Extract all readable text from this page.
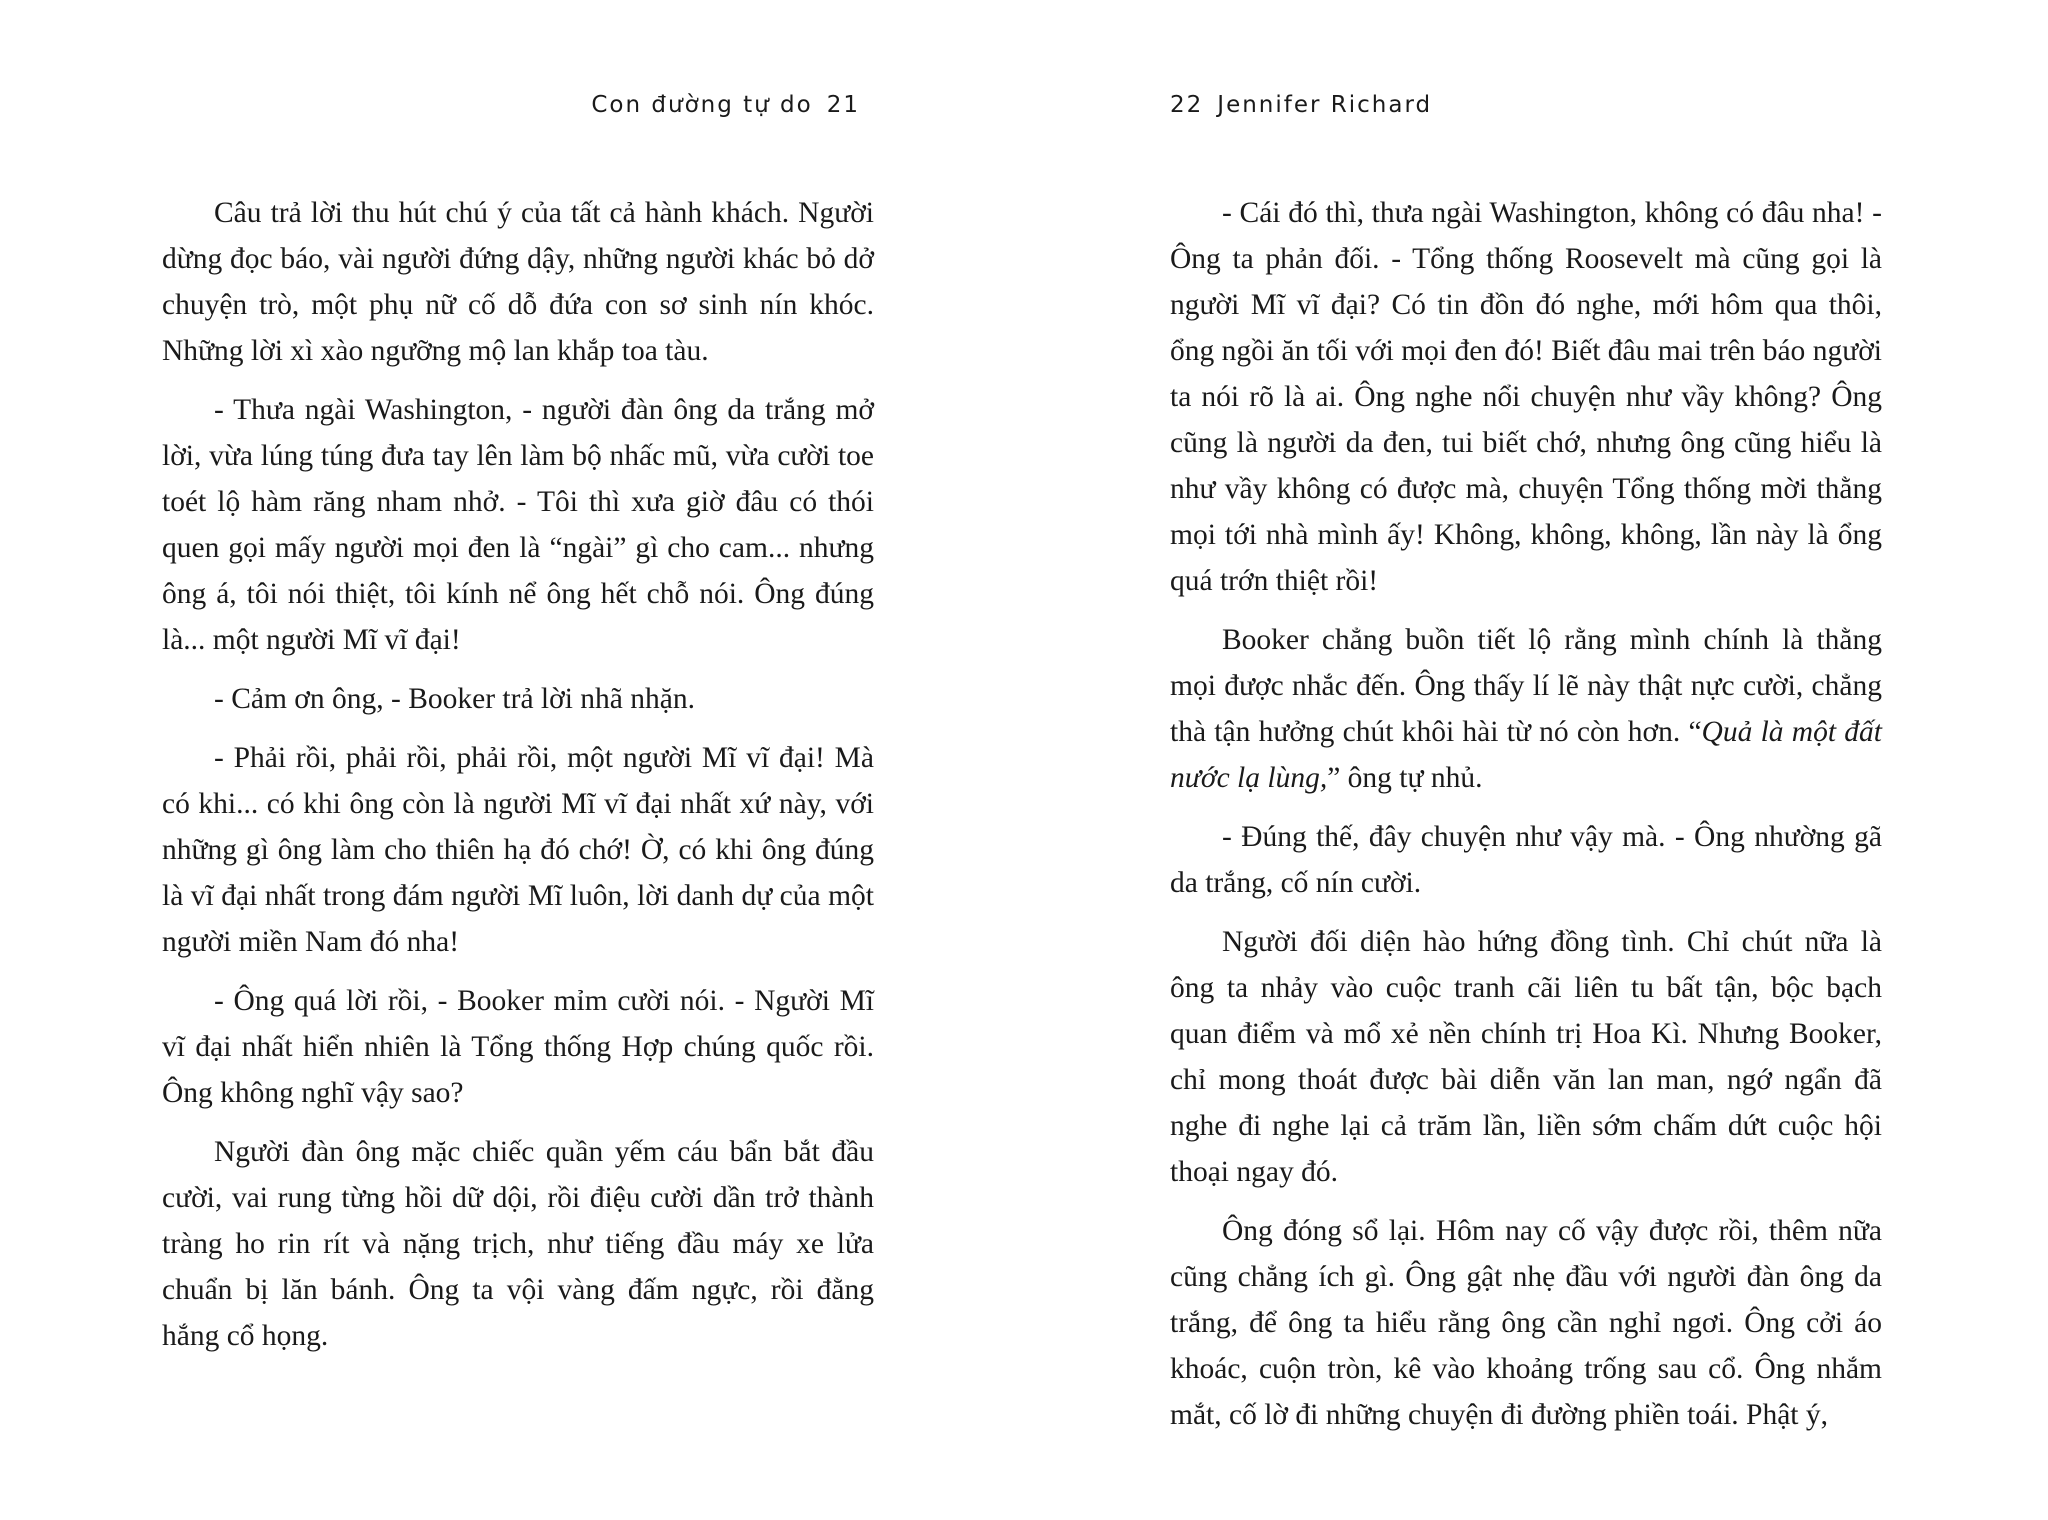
Con đường tự do 21

Câu trả lời thu hút chú ý của tất cả hành khách. Người dừng đọc báo, vài người đứng dậy, những người khác bỏ dở chuyện trò, một phụ nữ cố dỗ đứa con sơ sinh nín khóc. Những lời xì xào ngưỡng mộ lan khắp toa tàu.

- Thưa ngài Washington, - người đàn ông da trắng mở lời, vừa lúng túng đưa tay lên làm bộ nhấc mũ, vừa cười toe toét lộ hàm răng nham nhở. - Tôi thì xưa giờ đâu có thói quen gọi mấy người mọi đen là “ngài” gì cho cam... nhưng ông á, tôi nói thiệt, tôi kính nể ông hết chỗ nói. Ông đúng là... một người Mĩ vĩ đại!

- Cảm ơn ông, - Booker trả lời nhã nhặn.

- Phải rồi, phải rồi, phải rồi, một người Mĩ vĩ đại! Mà có khi... có khi ông còn là người Mĩ vĩ đại nhất xứ này, với những gì ông làm cho thiên hạ đó chớ! Ờ, có khi ông đúng là vĩ đại nhất trong đám người Mĩ luôn, lời danh dự của một người miền Nam đó nha!

- Ông quá lời rồi, - Booker mỉm cười nói. - Người Mĩ vĩ đại nhất hiển nhiên là Tổng thống Hợp chúng quốc rồi. Ông không nghĩ vậy sao?

Người đàn ông mặc chiếc quần yếm cáu bẩn bắt đầu cười, vai rung từng hồi dữ dội, rồi điệu cười dần trở thành tràng ho rin rít và nặng trịch, như tiếng đầu máy xe lửa chuẩn bị lăn bánh. Ông ta vội vàng đấm ngực, rồi đằng hắng cổ họng.

22 Jennifer Richard

- Cái đó thì, thưa ngài Washington, không có đâu nha! - Ông ta phản đối. - Tổng thống Roosevelt mà cũng gọi là người Mĩ vĩ đại? Có tin đồn đó nghe, mới hôm qua thôi, ổng ngồi ăn tối với mọi đen đó! Biết đâu mai trên báo người ta nói rõ là ai. Ông nghe nổi chuyện như vầy không? Ông cũng là người da đen, tui biết chớ, nhưng ông cũng hiểu là như vầy không có được mà, chuyện Tổng thống mời thằng mọi tới nhà mình ấy! Không, không, không, lần này là ổng quá trớn thiệt rồi!

Booker chẳng buồn tiết lộ rằng mình chính là thằng mọi được nhắc đến. Ông thấy lí lẽ này thật nực cười, chẳng thà tận hưởng chút khôi hài từ nó còn hơn. “Quả là một đất nước lạ lùng,” ông tự nhủ.

- Đúng thế, đây chuyện như vậy mà. - Ông nhường gã da trắng, cố nín cười.

Người đối diện hào hứng đồng tình. Chỉ chút nữa là ông ta nhảy vào cuộc tranh cãi liên tu bất tận, bộc bạch quan điểm và mổ xẻ nền chính trị Hoa Kì. Nhưng Booker, chỉ mong thoát được bài diễn văn lan man, ngớ ngẩn đã nghe đi nghe lại cả trăm lần, liền sớm chấm dứt cuộc hội thoại ngay đó.

Ông đóng sổ lại. Hôm nay cố vậy được rồi, thêm nữa cũng chẳng ích gì. Ông gật nhẹ đầu với người đàn ông da trắng, để ông ta hiểu rằng ông cần nghỉ ngơi. Ông cởi áo khoác, cuộn tròn, kê vào khoảng trống sau cổ. Ông nhắm mắt, cố lờ đi những chuyện đi đường phiền toái. Phật ý,
